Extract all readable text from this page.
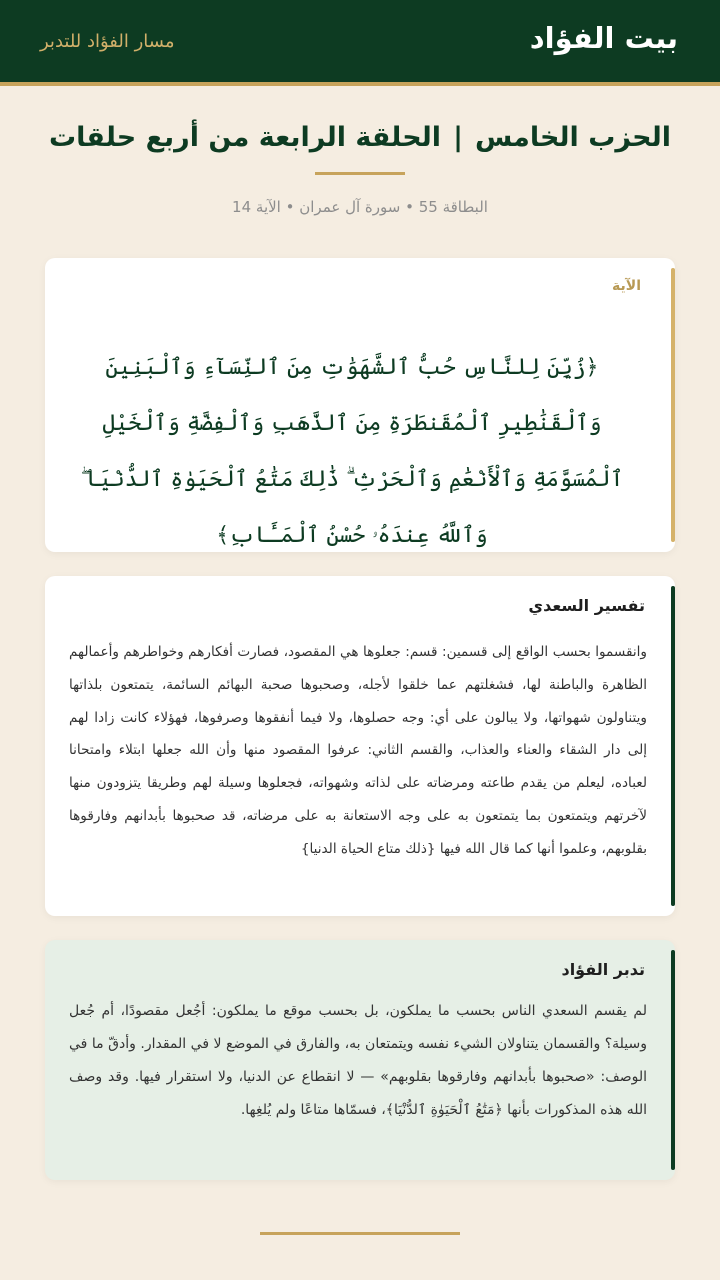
بيت الفؤاد
مسار الفؤاد للتدبر
الحزب الخامس|الحلقة الرابعة من أربع حلقات
البطاقة 55 • سورة آل عمران • الآية 14
الآية
﴿زُيِّنَ لِلنَّاسِ حُبُّ ٱلشَّهَوَٰتِ مِنَ ٱلنِّسَآءِ وَٱلْبَنِينَ وَٱلْقَنَٰطِيرِ ٱلْمُقَنطَرَةِ مِنَ ٱلذَّهَبِ وَٱلْفِضَّةِ وَٱلْخَيْلِ ٱلْمُسَوَّمَةِ وَٱلْأَنْعَٰمِ وَٱلْحَرْثِ ۗ ذَٰلِكَ مَتَٰعُ ٱلْحَيَوٰةِ ٱلدُّنْيَا ۖ وَٱللَّهُ عِندَهُۥ حُسْنُ ٱلْمَـَٔابِ﴾
تفسير السعدي
وانقسموا بحسب الواقع إلى قسمين: قسم: جعلوها هي المقصود، فصارت أفكارهم وخواطرهم وأعمالهم الظاهرة والباطنة لها، فشغلتهم عما خلقوا لأجله، وصحبوها صحبة البهائم السائمة، يتمتعون بلذاتها ويتناولون شهواتها، ولا يبالون على أي: وجه حصلوها، ولا فيما أنفقوها وصرفوها، فهؤلاء كانت زادا لهم إلى دار الشقاء والعناء والعذاب، والقسم الثاني: عرفوا المقصود منها وأن الله جعلها ابتلاء وامتحانا لعباده، ليعلم من يقدم طاعته ومرضاته على لذاته وشهواته، فجعلوها وسيلة لهم وطريقا يتزودون منها لآخرتهم ويتمتعون بما يتمتعون به على وجه الاستعانة به على مرضاته، قد صحبوها بأبدانهم وفارقوها بقلوبهم، وعلموا أنها كما قال الله فيها {ذلك متاع الحياة الدنيا}
تدبر الفؤاد
لم يقسم السعدي الناس بحسب ما يملكون، بل بحسب موقع ما يملكون: أجُعل مقصودًا، أم جُعل وسيلة؟ والقسمان يتناولان الشيء نفسه ويتمتعان به، والفارق في الموضع لا في المقدار. وأدقّ ما في الوصف: «صحبوها بأبدانهم وفارقوها بقلوبهم» — لا انقطاع عن الدنيا، ولا استقرار فيها. وقد وصف الله هذه المذكورات بأنها ﴿مَتَٰعُ ٱلْحَيَوٰةِ ٱلدُّنْيَا﴾، فسمّاها متاعًا ولم يُلغِها.
